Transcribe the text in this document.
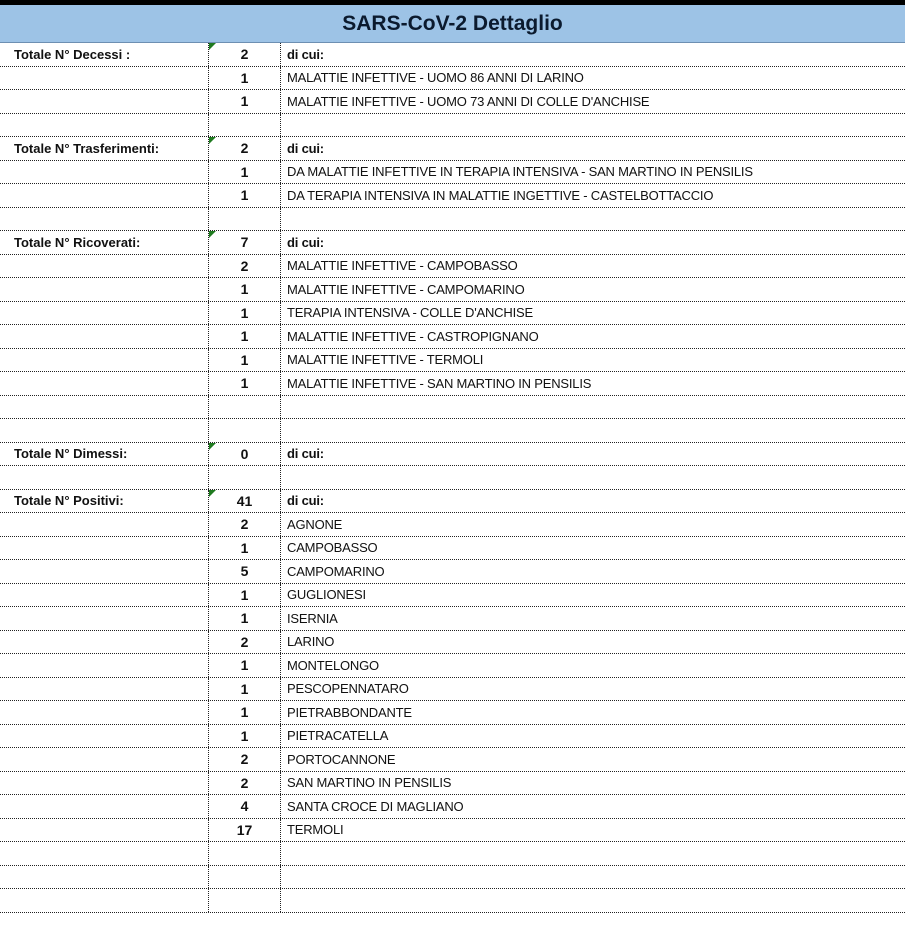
SARS-CoV-2 Dettaglio
Totale N° Decessi :	2	di cui:
1	MALATTIE INFETTIVE - UOMO 86 ANNI DI LARINO
1	MALATTIE INFETTIVE - UOMO 73 ANNI DI COLLE D'ANCHISE
Totale N° Trasferimenti:	2	di cui:
1	DA MALATTIE INFETTIVE IN TERAPIA INTENSIVA - SAN MARTINO IN PENSILIS
1	DA TERAPIA INTENSIVA IN MALATTIE INGETTIVE - CASTELBOTTACCIO
Totale N° Ricoverati:	7	di cui:
2	MALATTIE INFETTIVE - CAMPOBASSO
1	MALATTIE INFETTIVE - CAMPOMARINO
1	TERAPIA INTENSIVA - COLLE D'ANCHISE
1	MALATTIE INFETTIVE - CASTROPIGNANO
1	MALATTIE INFETTIVE - TERMOLI
1	MALATTIE INFETTIVE - SAN MARTINO IN PENSILIS
Totale N° Dimessi:	0	di cui:
Totale N° Positivi:	41	di cui:
2	AGNONE
1	CAMPOBASSO
5	CAMPOMARINO
1	GUGLIONESI
1	ISERNIA
2	LARINO
1	MONTELONGO
1	PESCOPENNATARO
1	PIETRABBONDANTE
1	PIETRACATELLA
2	PORTOCANNONE
2	SAN MARTINO IN PENSILIS
4	SANTA CROCE DI MAGLIANO
17	TERMOLI
